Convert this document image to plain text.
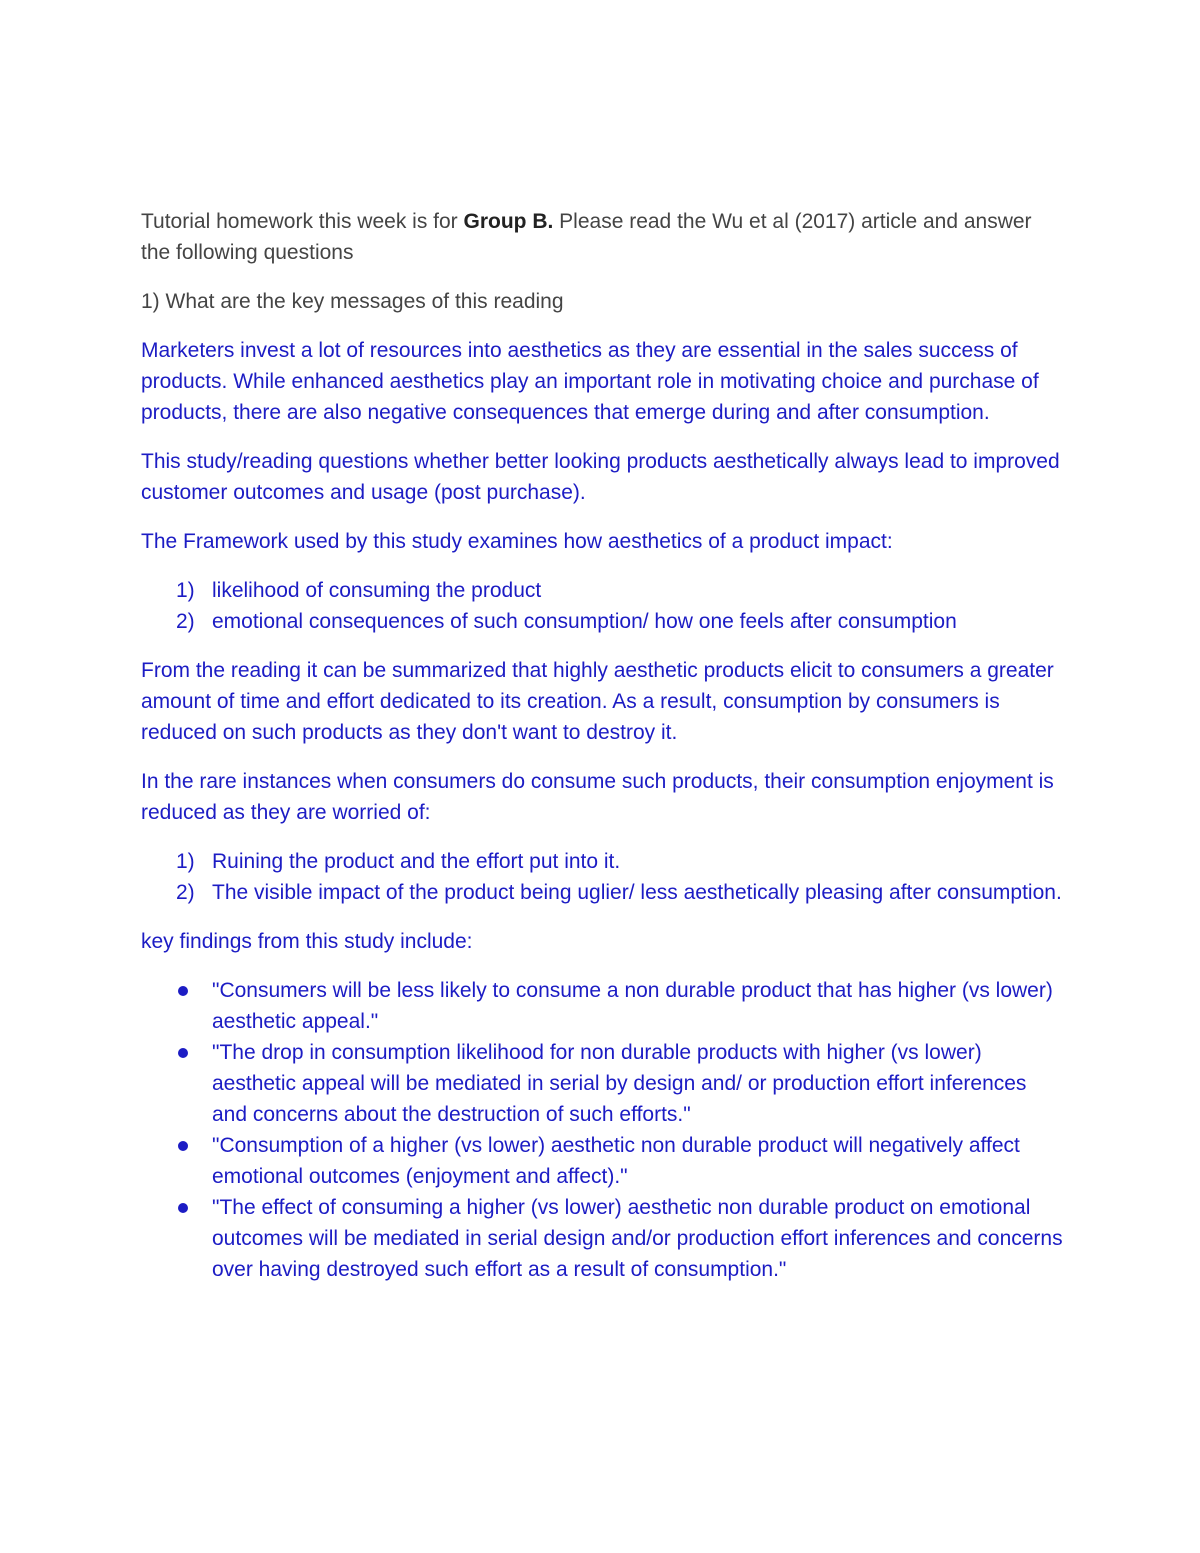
Tutorial homework this week is for Group B. Please read the Wu et al (2017) article and answer the following questions

1) What are the key messages of this reading

Marketers invest a lot of resources into aesthetics as they are essential in the sales success of products. While enhanced aesthetics play an important role in motivating choice and purchase of products, there are also negative consequences that emerge during and after consumption.

This study/reading questions whether better looking products aesthetically always lead to improved customer outcomes and usage (post purchase).

The Framework used by this study examines how aesthetics of a product impact:

1) likelihood of consuming the product
2) emotional consequences of such consumption/ how one feels after consumption

From the reading it can be summarized that highly aesthetic products elicit to consumers a greater amount of time and effort dedicated to its creation. As a result, consumption by consumers is reduced on such products as they don't want to destroy it.

In the rare instances when consumers do consume such products, their consumption enjoyment is reduced as they are worried of:

1) Ruining the product and the effort put into it.
2) The visible impact of the product being uglier/ less aesthetically pleasing after consumption.

key findings from this study include:

"Consumers will be less likely to consume a non durable product that has higher (vs lower) aesthetic appeal."
"The drop in consumption likelihood for non durable products with higher (vs lower) aesthetic appeal will be mediated in serial by design and/ or production effort inferences and concerns about the destruction of such efforts."
"Consumption of a higher (vs lower) aesthetic non durable product will negatively affect emotional outcomes (enjoyment and affect)."
"The effect of consuming a higher (vs lower) aesthetic non durable product on emotional outcomes will be mediated in serial design and/or production effort inferences and concerns over having destroyed such effort as a result of consumption."
